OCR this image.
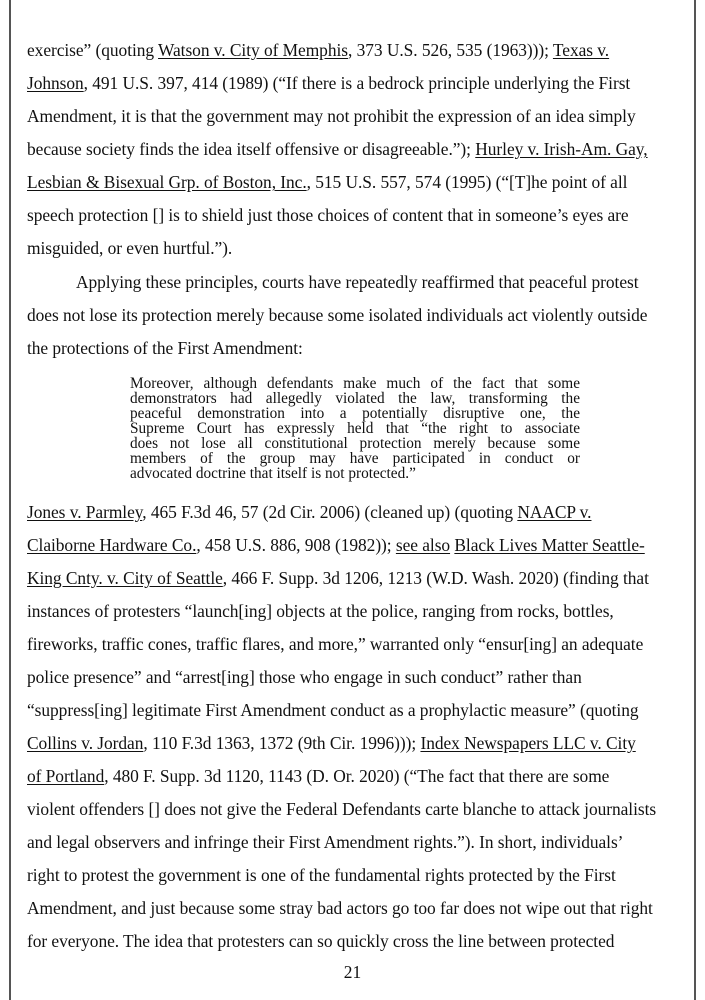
exercise” (quoting Watson v. City of Memphis, 373 U.S. 526, 535 (1963))); Texas v.
Johnson, 491 U.S. 397, 414 (1989) (“If there is a bedrock principle underlying the First
Amendment, it is that the government may not prohibit the expression of an idea simply
because society finds the idea itself offensive or disagreeable.”); Hurley v. Irish-Am. Gay,
Lesbian & Bisexual Grp. of Boston, Inc., 515 U.S. 557, 574 (1995) (“[T]he point of all
speech protection [] is to shield just those choices of content that in someone’s eyes are
misguided, or even hurtful.”).
Applying these principles, courts have repeatedly reaffirmed that peaceful protest
does not lose its protection merely because some isolated individuals act violently outside
the protections of the First Amendment:
Moreover, although defendants make much of the fact that some
demonstrators had allegedly violated the law, transforming the
peaceful demonstration into a potentially disruptive one, the
Supreme Court has expressly held that “the right to associate
does not lose all constitutional protection merely because some
members of the group may have participated in conduct or
advocated doctrine that itself is not protected.”
Jones v. Parmley, 465 F.3d 46, 57 (2d Cir. 2006) (cleaned up) (quoting NAACP v.
Claiborne Hardware Co., 458 U.S. 886, 908 (1982)); see also Black Lives Matter Seattle-
King Cnty. v. City of Seattle, 466 F. Supp. 3d 1206, 1213 (W.D. Wash. 2020) (finding that
instances of protesters “launch[ing] objects at the police, ranging from rocks, bottles,
fireworks, traffic cones, traffic flares, and more,” warranted only “ensur[ing] an adequate
police presence” and “arrest[ing] those who engage in such conduct” rather than
“suppress[ing] legitimate First Amendment conduct as a prophylactic measure” (quoting
Collins v. Jordan, 110 F.3d 1363, 1372 (9th Cir. 1996))); Index Newspapers LLC v. City
of Portland, 480 F. Supp. 3d 1120, 1143 (D. Or. 2020) (“The fact that there are some
violent offenders [] does not give the Federal Defendants carte blanche to attack journalists
and legal observers and infringe their First Amendment rights.”). In short, individuals’
right to protest the government is one of the fundamental rights protected by the First
Amendment, and just because some stray bad actors go too far does not wipe out that right
for everyone. The idea that protesters can so quickly cross the line between protected
21
